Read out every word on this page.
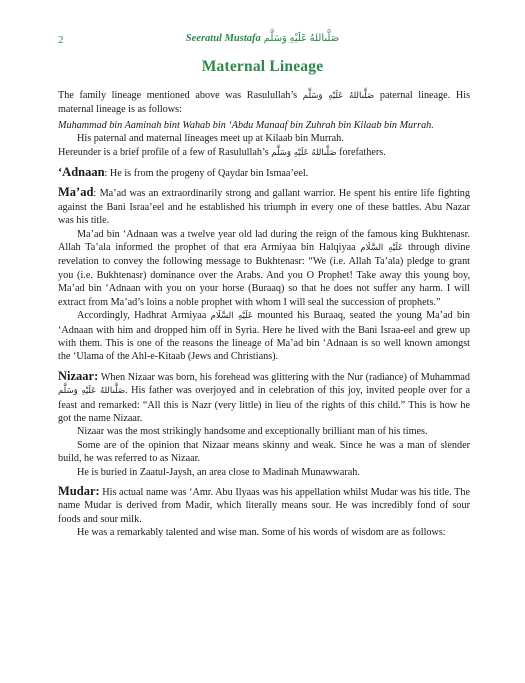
2	Seeratul Mustafa صَلَّىاللهُ عَلَيْهِ وَسَلَّم
Maternal Lineage

The family lineage mentioned above was Rasulullah’s صَلَّىاللهُ عَلَيْهِ وَسَلَّم paternal lineage. His maternal lineage is as follows:

Muhammad bin Aaminah bint Wahab bin ‘Abdu Manaaf bin Zuhrah bin Kilaab bin Murrah.

His paternal and maternal lineages meet up at Kilaab bin Murrah.

Hereunder is a brief profile of a few of Rasulullah’s صَلَّىاللهُ عَلَيْهِ وَسَلَّم forefathers.

‘Adnaan: He is from the progeny of Qaydar bin Ismaa’eel.

Ma’ad: Ma’ad was an extraordinarily strong and gallant warrior. He spent his entire life fighting against the Bani Israa’eel and he established his triumph in every one of these battles. Abu Nazar was his title.

Ma’ad bin ‘Adnaan was a twelve year old lad during the reign of the famous king Bukhtenasr. Allah Ta’ala informed the prophet of that era Armiyaa bin Halqiyaa عَلَيْهِ السَّلَام through divine revelation to convey the following message to Bukhtenasr: “We (i.e. Allah Ta’ala) pledge to grant you (i.e. Bukhtenasr) dominance over the Arabs. And you O Prophet! Take away this young boy, Ma’ad bin ‘Adnaan with you on your horse (Buraaq) so that he does not suffer any harm. I will extract from Ma’ad’s loins a noble prophet with whom I will seal the succession of prophets.”

Accordingly, Hadhrat Armiyaa عَلَيْهِ السَّلَام mounted his Buraaq, seated the young Ma’ad bin ‘Adnaan with him and dropped him off in Syria. Here he lived with the Bani Israa-eel and grew up with them. This is one of the reasons the lineage of Ma’ad bin ‘Adnaan is so well known amongst the ‘Ulama of the Ahl-e-Kitaab (Jews and Christians).

Nizaar: When Nizaar was born, his forehead was glittering with the Nur (radiance) of Muhammad صَلَّىاللهُ عَلَيْهِ وَسَلَّم. His father was overjoyed and in celebration of this joy, invited people over for a feast and remarked: “All this is Nazr (very little) in lieu of the rights of this child.” This is how he got the name Nizaar.

Nizaar was the most strikingly handsome and exceptionally brilliant man of his times.

Some are of the opinion that Nizaar means skinny and weak. Since he was a man of slender build, he was referred to as Nizaar.

He is buried in Zaatul-Jaysh, an area close to Madinah Munawwarah.

Mudar: His actual name was ‘Amr. Abu Ilyaas was his appellation whilst Mudar was his title. The name Mudar is derived from Madir, which literally means sour. He was incredibly fond of sour foods and sour milk.

He was a remarkably talented and wise man. Some of his words of wisdom are as follows:
